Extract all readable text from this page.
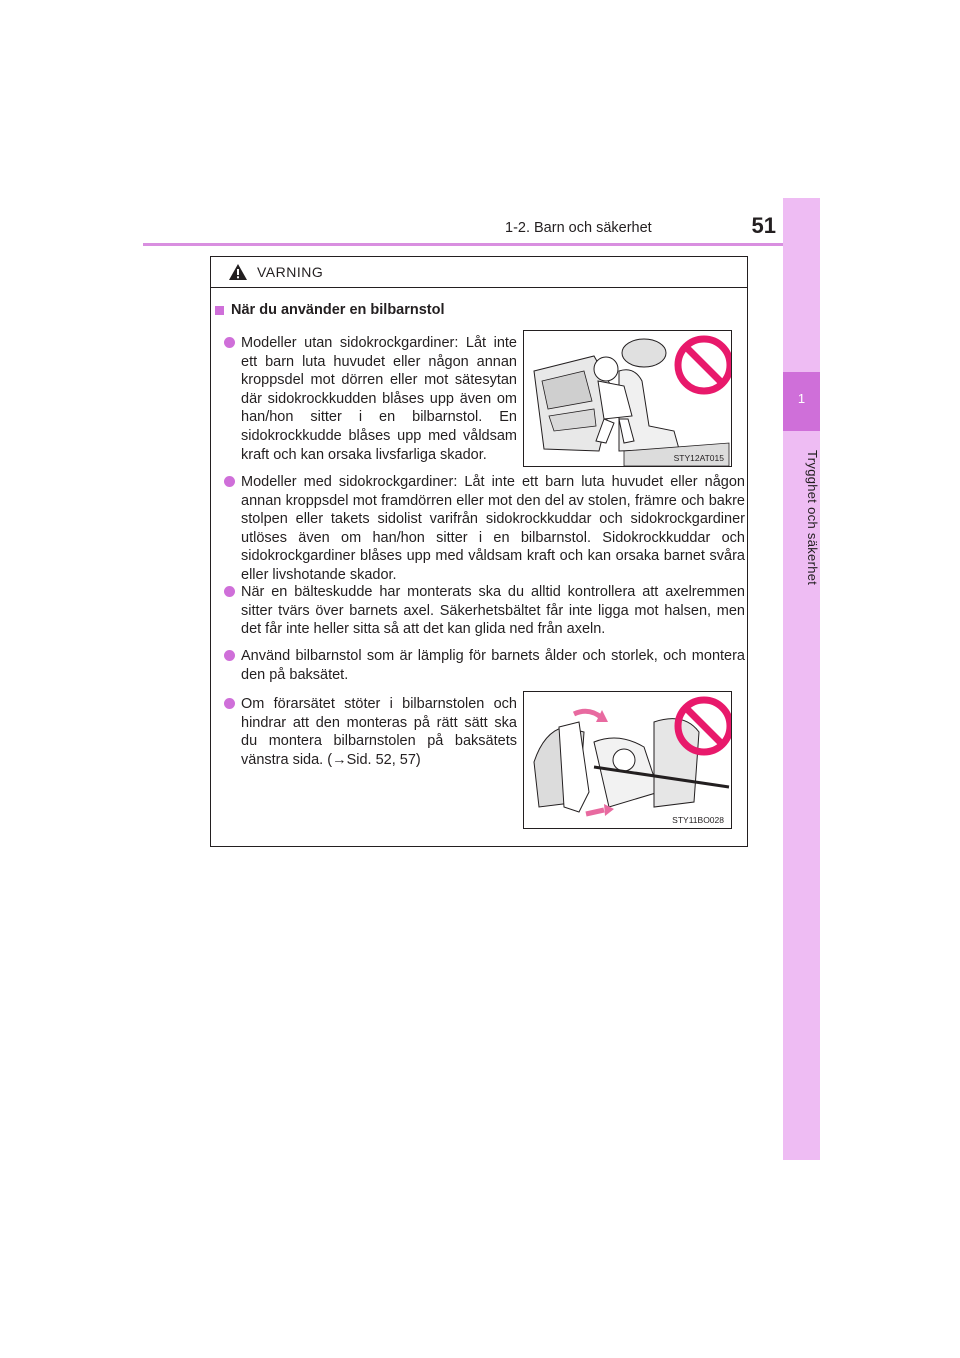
1-2. Barn och säkerhet	51
1
Trygghet och säkerhet
VARNING
När du använder en bilbarnstol
Modeller utan sidokrockgardiner: Låt inte ett barn luta huvudet eller någon annan kroppsdel mot dörren eller mot sätesytan där sidokrockkudden blåses upp även om han/hon sitter i en bilbarnstol. En sidokrockkudde blåses upp med våldsam kraft och kan orsaka livsfarliga skador.	STY12AT015
Modeller med sidokrockgardiner: Låt inte ett barn luta huvudet eller någon annan kroppsdel mot framdörren eller mot den del av stolen, främre och bakre stolpen eller takets sidolist varifrån sidokrockkuddar och sidokrockgardiner utlöses även om han/hon sitter i en bilbarnstol. Sidokrockkuddar och sidokrockgardiner blåses upp med våldsam kraft och kan orsaka barnet svåra eller livshotande skador.
När en bälteskudde har monterats ska du alltid kontrollera att axelremmen sitter tvärs över barnets axel. Säkerhetsbältet får inte ligga mot halsen, men det får inte heller sitta så att det kan glida ned från axeln.
Använd bilbarnstol som är lämplig för barnets ålder och storlek, och montera den på baksätet.
Om förarsätet stöter i bilbarnstolen och hindrar att den monteras på rätt sätt ska du montera bilbarnstolen på baksätets vänstra sida. (→Sid. 52, 57)
STY11BO028
